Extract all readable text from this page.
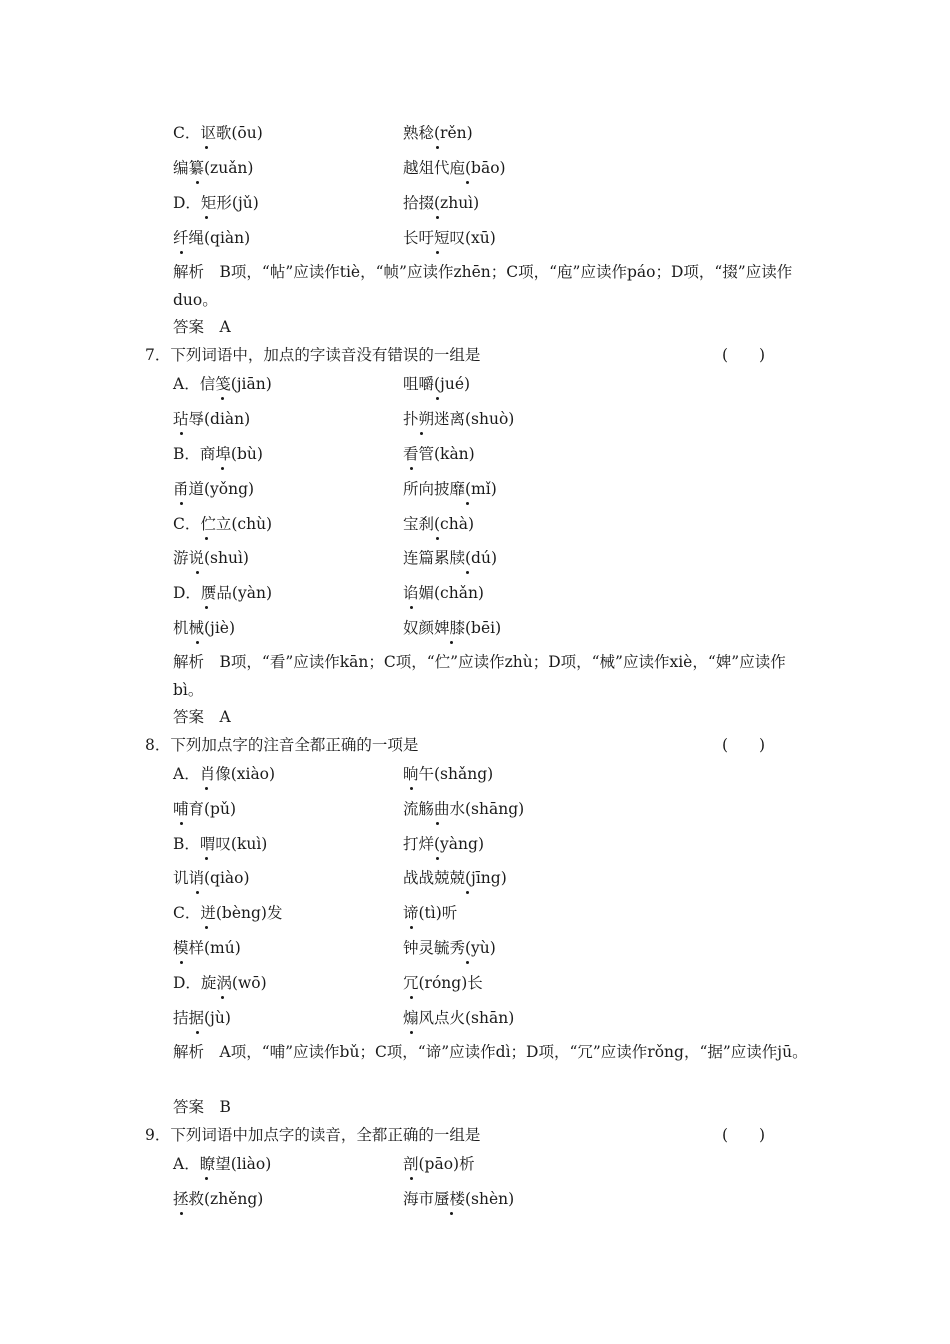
C．讴歌(ōu)	熟稔(rěn)
编纂(zuǎn)	越俎代庖(bāo)
D．矩形(jǔ)	拾掇(zhuì)
纤绳(qiàn)	长吁短叹(xū)
解析　B项，“帖”应读作tiè，“帧”应读作zhēn；C项，“庖”应读作páo；D项，“掇”应读作duo。
答案　A
7．下列词语中，加点的字读音没有错误的一组是	(　　)
A．信笺(jiān)	咀嚼(jué)
玷辱(diàn)	扑朔迷离(shuò)
B．商埠(bù)	看管(kàn)
甬道(yǒng)	所向披靡(mǐ)
C．伫立(chù)	宝刹(chà)
游说(shuì)	连篇累牍(dú)
D．赝品(yàn)	谄媚(chǎn)
机械(jiè)	奴颜婢膝(bēi)
解析　B项，“看”应读作kān；C项，“伫”应读作zhù；D项，“械”应读作xiè，“婢”应读作bì。
答案　A
8．下列加点字的注音全都正确的一项是	(　　)
A．肖像(xiào)	晌午(shǎng)
哺育(pǔ)	流觞曲水(shāng)
B．喟叹(kuì)	打烊(yàng)
讥诮(qiào)	战战兢兢(jīng)
C．迸(bèng)发	谛(tì)听
模样(mú)	钟灵毓秀(yù)
D．旋涡(wō)	冗(róng)长
拮据(jù)	煽风点火(shān)
解析　A项，“哺”应读作bǔ；C项，“谛”应读作dì；D项，“冗”应读作rǒng，“据”应读作jū。
答案　B
9．下列词语中加点字的读音，全都正确的一组是	(　　)
A．瞭望(liào)	剖(pāo)析
拯救(zhěng)	海市蜃楼(shèn)
